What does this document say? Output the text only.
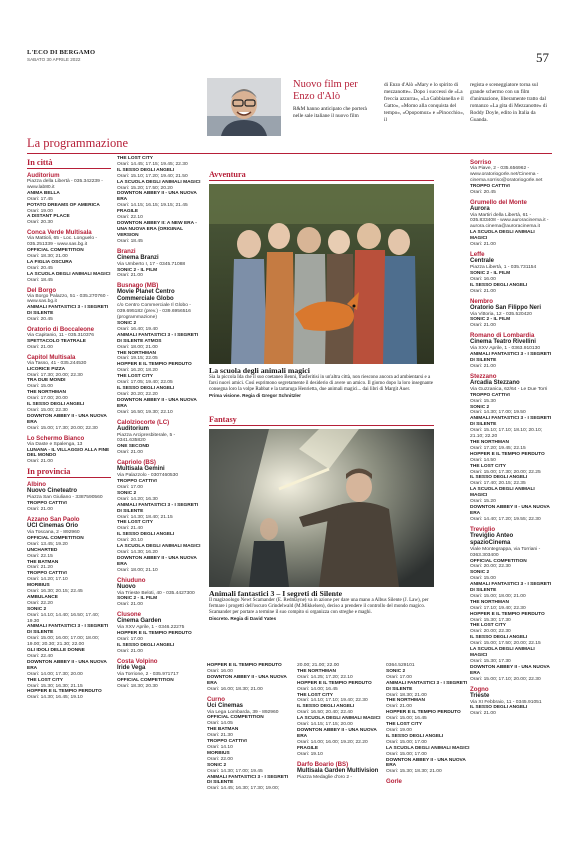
L'ECO DI BERGAMO
SABATO 30 APRILE 2022	57
Nuovo film per Enzo d'Alò
R&M hanno anticipato che porterà nelle sale italiane il nuovo film
di Enzo d'Alò «Mary e lo spirito di mezzanotte». Dopo i successi de «La freccia azzurra», «La Gabbianella e il Gatto», «Momo alla conquista del tempo», «Opopomoz» e «Pinocchio», il
regista e sceneggiatore torna sul grande schermo con un film d'animazione, liberamente tratto dal romanzo «La gita di Mezzanotte» di Roddy Doyle, edito in Italia da Guanda.
La programmazione
In città
Auditorium
Piazza della Libertà - 035.342239 - www.lab80.it
ANIMA BELLA
Orari: 17.45
POTATO DREAMS OF AMERICA
Orari: 19.00
A DISTANT PLACE
Orari: 20.30
Conca Verde Multisala
Via Mattioli, 65 - Loc. Longuelo - 035.251339 - www.sas.bg.it
OFFICIAL COMPETITION
Orari: 18.30; 21.00
LA FIGLIA OSCURA
Orari: 20.45
LA SCUOLA DEGLI ANIMALI MAGICI
Orari: 18.45
Del Borgo
Via Borgo Palazzo, 51 - 035.270760 - www.sas.bg.it
ANIMALI FANTASTICI 3 - I SEGRETI DI SILENTE
Orari: 20.45
Oratorio di Boccaleone
Via Capitanio, 11 - 035.310376
SPETTACOLO TEATRALE
Orari: 21.00
Capitol Multisala
Via Tasso, 41 - 035.244530
LICORICE PIZZA
Orari: 17.30; 20.00; 22.30
TRA DUE MONDI
Orari: 15.00
THE NORTHMAN
Orari: 17.00; 20.00
IL SESSO DEGLI ANGELI
Orari: 15.00; 22.30
DOWNTON ABBEY II - UNA NUOVA ERA
Orari: 15.00; 17.30; 20.00; 22.30
Lo Schermo Bianco
Via Daste e Spalenga, 13
LUNANA - IL VILLAGGIO ALLA FINE DEL MONDO
Orari: 21.00
In provincia
Albino
Nuovo Cineteatro
Piazza San Giuliano - 3387590560
TROPPO CATTIVI
Orari: 21.00
Azzano San Paolo
UCI Cinemas Orio
Via Toscana, 2 - 892960
OFFICIAL COMPETITION
Orari: 13.45; 19.20
UNCHARTED
Orari: 22.15
THE BATMAN
Orari: 21.20
TROPPO CATTIVI
Orari: 14.20; 17.10
MORBIUS
Orari: 16.30; 20.15; 22.45
AMBULANCE
Orari: 22.20
SONIC 2
Orari: 14.10; 14.40; 16.50; 17.40; 19.30
ANIMALI FANTASTICI 3 - I SEGRETI DI SILENTE
Orari: 15.00; 16.00; 17.00; 18.00; 19.00; 20.30; 21.30; 22.00
GLI IDOLI DELLE DONNE
Orari: 22.40
DOWNTON ABBEY II - UNA NUOVA ERA
Orari: 14.00; 17.30; 20.00
THE LOST CITY
Orari: 15.30; 16.30; 21.15
HOPPER E IL TEMPIO PERDUTO
Orari: 14.30; 16.45; 19.10
THE LOST CITY
Orari: 14.45; 17.15; 19.45; 22.30
IL SESSO DEGLI ANGELI
Orari: 15.10; 17.20; 19.40; 21.50
LA SCUOLA DEGLI ANIMALI MAGICI
Orari: 15.20; 17.50; 20.20
DOWNTON ABBEY II - UNA NUOVA ERA
Orari: 14.15; 16.15; 19.15; 21.45
FRAGILE
Orari: 22.10
DOWNTON ABBEY II: A NEW ERA - UNA NUOVA ERA (ORIGINAL VERSION
Orari: 18.45
Branzi
Cinema Branzi
Via Umberto I, 17 - 0345.71088
SONIC 2 - IL FILM
Orari: 21.00
Busnago (MB)
Movie Planet Centro Commerciale Globo
c/o Centro Commerciale Il Globo - 039.695182 (prev.) - 039.6956516 (programmazione)
SONIC 2
Orari: 16.40; 19.40
ANIMALI FANTASTICI 3 - I SEGRETI DI SILENTE ATMOS
Orari: 18.00; 21.00
THE NORTHMAN
Orari: 19.15; 22.05
HOPPER E IL TEMPIO PERDUTO
Orari: 16.20; 18.20
THE LOST CITY
Orari: 17.05; 19.40; 22.05
IL SESSO DEGLI ANGELI
Orari: 20.20; 22.20
DOWNTON ABBEY II - UNA NUOVA ERA
Orari: 16.50; 19.30; 22.10
Calolziocorte (LC)
Auditorium
Piazza Arcipresbiterale, 5 - 0341.635820
ONE SECOND
Orari: 21.00
Capriolo (BS)
Multisala Gemini
Via Palazzolo - 0307460530
TROPPO CATTIVI
Orari: 17.00
SONIC 2
Orari: 14.20; 16.30
ANIMALI FANTASTICI 3 - I SEGRETI DI SILENTE
Orari: 14.30; 18.40; 21.15
THE LOST CITY
Orari: 21.40
IL SESSO DEGLI ANGELI
Orari: 20.10
LA SCUOLA DEGLI ANIMALI MAGICI
Orari: 14.30; 16.20
DOWNTON ABBEY II - UNA NUOVA ERA
Orari: 18.00; 21.10
Chiuduno
Nuovo
Via Trieste Beloti, 40 - 035.4427300
SONIC 2 - IL FILM
Orari: 21.00
Clusone
Cinema Garden
Via XXV Aprile, 1 - 0346.22275
HOPPER E IL TEMPIO PERDUTO
Orari: 17.00
IL SESSO DEGLI ANGELI
Orari: 21.00
Costa Volpino
Iride Vega
Via Torrione, 2 - 035.971717
OFFICIAL COMPETITION
Orari: 18.30; 20.30
Avventura
La scuola degli animali magici
Sia la piccola Ida che il suo coetaneo Benni, trasferitisi in un'altra città, non riescono ancora ad ambientarsi e a farsi nuovi amici. Così esprimono segretamente il desiderio di avere un amico. Il giorno dopo la loro insegnante consegna loro la volpe Rabbat e la tartaruga Henrietta, due animali magici... dai libri di Margit Auer.
Prima visione. Regia di Gregor Schnitzler
Fantasy
Animali fantastici 3 – I segreti di Silente
Il magizoologo Newt Scamander (E. Redmayne) va in azione per dare una mano a Albus Silente (J. Law), per fermare i progetti dell'oscuro Grindelwald (M.Mikkelsen), deciso a prendere il controllo del mondo magico. Scamander per portare a termine il suo compito si organizza con streghe e maghi.
Discreto. Regia di David Yates
HOPPER E IL TEMPIO PERDUTO
Orari: 16.00
DOWNTON ABBEY II - UNA NUOVA ERA
Orari: 16.00; 18.30; 21.00
Curno
Uci Cinemas
Via Lega Lombarda, 39 - 892960
OFFICIAL COMPETITION
Orari: 14.05
THE BATMAN
Orari: 21.30
TROPPO CATTIVI
Orari: 14.10
MORBIUS
Orari: 22.00
SONIC 2
Orari: 14.30; 17.00; 19.45
ANIMALI FANTASTICI 3 - I SEGRETI DI SILENTE
Orari: 14.45; 16.30; 17.30; 19.00;
20.00; 21.00; 22.00
THE NORTHMAN
Orari: 14.25; 17.20; 22.10
HOPPER E IL TEMPIO PERDUTO
Orari: 14.00; 16.45
THE LOST CITY
Orari: 14.10; 17.10; 19.40; 22.30
IL SESSO DEGLI ANGELI
Orari: 16.50; 20.40; 22.40
LA SCUOLA DEGLI ANIMALI MAGICI
Orari: 14.15; 17.15; 20.00
DOWNTON ABBEY II - UNA NUOVA ERA
Orari: 14.00; 16.00; 19.20; 22.20
FRAGILE
Orari: 19.10
Darfo Boario (BS)
Multisala Garden Multivision
Piazza Medaglie d'oro 2 -
0364.529101
SONIC 2
Orari: 17.00
ANIMALI FANTASTICI 3 - I SEGRETI DI SILENTE
Orari: 18.30; 21.00
THE NORTHMAN
Orari: 21.00
HOPPER E IL TEMPIO PERDUTO
Orari: 15.00; 16.45
THE LOST CITY
Orari: 19.00
IL SESSO DEGLI ANGELI
Orari: 15.00; 17.00
LA SCUOLA DEGLI ANIMALI MAGICI
Orari: 15.00; 17.00
DOWNTON ABBEY II - UNA NUOVA ERA
Orari: 15.30; 18.30; 21.00
Gorle
Sorriso
Via Piave, 2 - 035.656962 - www.oratoriogorle.net/Cinema - cinema.sorriso@oratoriogorle.net
TROPPO CATTIVI
Orari: 20.45
Grumello del Monte
Aurora
Via Martiri della Libertà, 61 - 035.833408 - www.auroracinema.it - aurora.cinema@auroracinema.it
LA SCUOLA DEGLI ANIMALI MAGICI
Orari: 21.00
Leffe
Centrale
Piazza Libertà, 1 - 035.731154
SONIC 2 - IL FILM
Orari: 16.00
IL SESSO DEGLI ANGELI
Orari: 21.00
Nembro
Oratorio San Filippo Neri
Via Vittoria, 12 - 035.520420
SONIC 2 - IL FILM
Orari: 21.00
Romano di Lombardia
Cinema Teatro Rivellini
Via XXV Aprile, 1 - 0363.910130
ANIMALI FANTASTICI 3 - I SEGRETI DI SILENTE
Orari: 21.00
Stezzano
Arcadia Stezzano
Via Guzzanica, 62/64 - Le Due Torri
TROPPO CATTIVI
Orari: 15.30
SONIC 2
Orari: 14.30; 17.00; 19.50
ANIMALI FANTASTICI 3 - I SEGRETI DI SILENTE
Orari: 15.10; 17.10; 18.10; 20.10; 21.10; 22.20
THE NORTHMAN
Orari: 17.20; 19.45; 22.15
HOPPER E IL TEMPIO PERDUTO
Orari: 14.50
THE LOST CITY
Orari: 15.00; 17.30; 20.00; 22.25
IL SESSO DEGLI ANGELI
Orari: 17.40; 20.15; 22.35
LA SCUOLA DEGLI ANIMALI MAGICI
Orari: 15.20
DOWNTON ABBEY II - UNA NUOVA ERA
Orari: 14.40; 17.20; 19.55; 22.30
Treviglio
Treviglio Anteo spazioCinema
Viale Montegrappa, via Torriani - 0363.303400
OFFICIAL COMPETITION
Orari: 20.00; 22.30
SONIC 2
Orari: 15.00
ANIMALI FANTASTICI 3 - I SEGRETI DI SILENTE
Orari: 15.00; 18.00; 21.00
THE NORTHMAN
Orari: 17.10; 19.40; 22.30
HOPPER E IL TEMPIO PERDUTO
Orari: 15.30; 17.30
THE LOST CITY
Orari: 20.00; 22.30
IL SESSO DEGLI ANGELI
Orari: 15.00; 17.50; 20.00; 22.15
LA SCUOLA DEGLI ANIMALI MAGICI
Orari: 15.30; 17.30
DOWNTON ABBEY II - UNA NUOVA ERA
Orari: 15.00; 17.10; 20.00; 22.30
Zogno
Trieste
Via XI Febbraio, 11 - 0345.91051
IL SESSO DEGLI ANGELI
Orari: 21.00
